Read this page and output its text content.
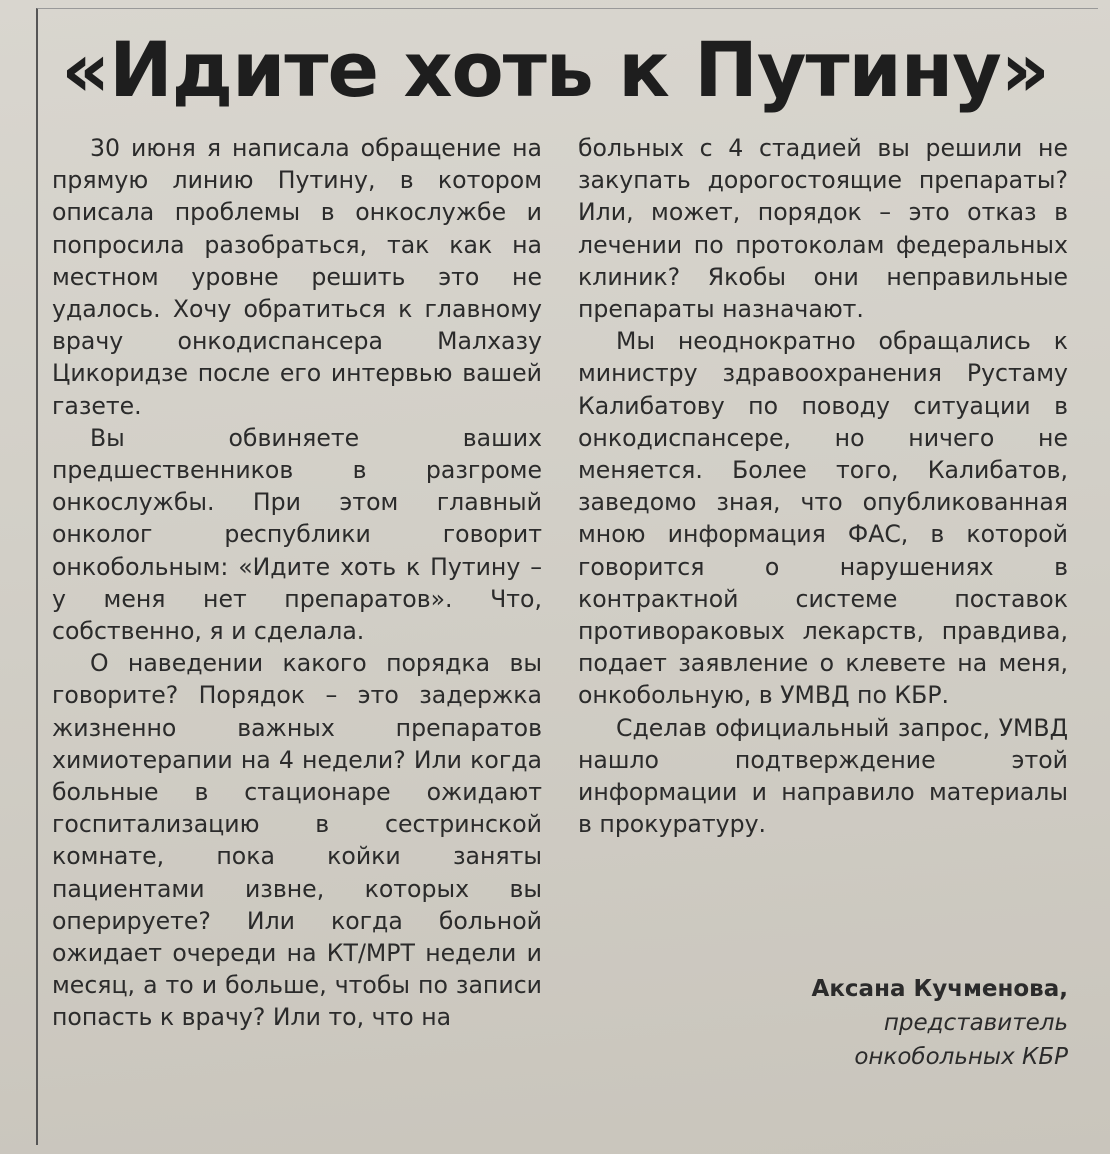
«Идите хоть к Путину»

30 июня я написала обращение на прямую линию Путину, в котором описала проблемы в онкослужбе и попросила разобраться, так как на местном уровне решить это не удалось. Хочу обратиться к главному врачу онкодиспансера Малхазу Цикоридзе после его интервью вашей газете.

Вы обвиняете ваших предшественников в разгроме онкослужбы. При этом главный онколог республики говорит онкобольным: «Идите хоть к Путину – у меня нет препаратов». Что, собственно, я и сделала.

О наведении какого порядка вы говорите? Порядок – это задержка жизненно важных препаратов химиотерапии на 4 недели? Или когда больные в стационаре ожидают госпитализацию в сестринской комнате, пока койки заняты пациентами извне, которых вы оперируете? Или когда больной ожидает очереди на КТ/МРТ недели и месяц, а то и больше, чтобы по записи попасть к врачу? Или то, что на

больных с 4 стадией вы решили не закупать дорогостоящие препараты? Или, может, порядок – это отказ в лечении по протоколам федеральных клиник? Якобы они неправильные препараты назначают.

Мы неоднократно обращались к министру здравоохранения Рустаму Калибатову по поводу ситуации в онкодиспансере, но ничего не меняется. Более того, Калибатов, заведомо зная, что опубликованная мною информация ФАС, в которой говорится о нарушениях в контрактной системе поставок противораковых лекарств, правдива, подает заявление о клевете на меня, онкобольную, в УМВД по КБР.

Сделав официальный запрос, УМВД нашло подтверждение этой информации и направило материалы в прокуратуру.

Аксана Кучменова,
представитель
онкобольных КБР
